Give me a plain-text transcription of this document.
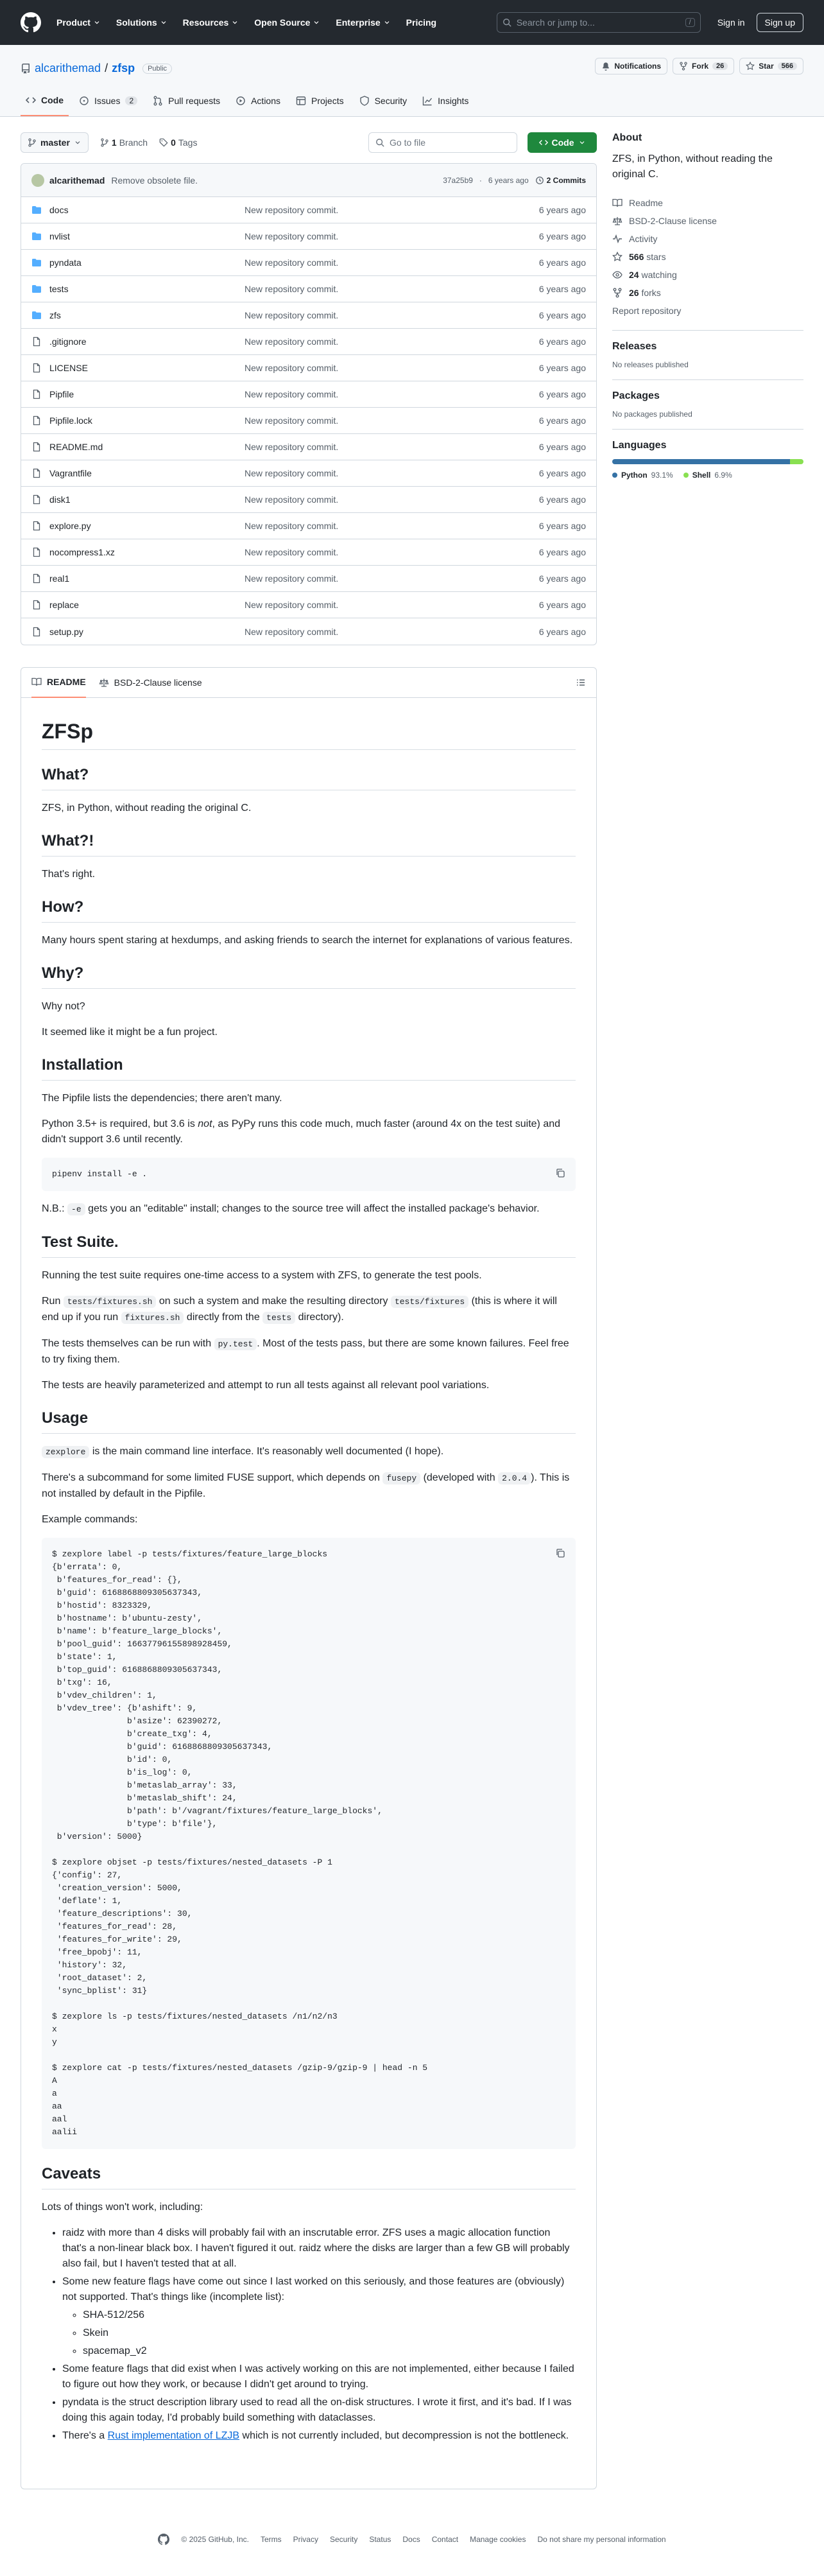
Product	Solutions	Resources	Open Source	Enterprise	Pricing	Search or jump to...	/	Sign in	Sign up
alcarithemad / zfsp	Public	Notifications	Fork	26	Star	566
Code	Issues	2	Pull requests	Actions	Projects	Security	Insights
master	1 Branch	0 Tags	Go to file	Code
alcarithemad Remove obsolete file.	37a25b9 · 6 years ago 2 Commits
docs	New repository commit.	6 years ago
nvlist	New repository commit.	6 years ago
pyndata	New repository commit.	6 years ago
tests	New repository commit.	6 years ago
zfs	New repository commit.	6 years ago
.gitignore	New repository commit.	6 years ago
LICENSE	New repository commit.	6 years ago
Pipfile	New repository commit.	6 years ago
Pipfile.lock	New repository commit.	6 years ago
README.md	New repository commit.	6 years ago
Vagrantfile	New repository commit.	6 years ago
disk1	New repository commit.	6 years ago
explore.py	New repository commit.	6 years ago
nocompress1.xz	New repository commit.	6 years ago
real1	New repository commit.	6 years ago
replace	New repository commit.	6 years ago
setup.py	New repository commit.	6 years ago
README	BSD-2-Clause license
ZFSp
What?

ZFS, in Python, without reading the original C.

What?!

That's right.

How?

Many hours spent staring at hexdumps, and asking friends to search the internet for explanations of various features.

Why?

Why not?

It seemed like it might be a fun project.

Installation

The Pipfile lists the dependencies; there aren't many.

Python 3.5+ is required, but 3.6 is not, as PyPy runs this code much, much faster (around 4x on the test suite) and didn't support 3.6 until recently.

pipenv install -e .

N.B.: -e gets you an "editable" install; changes to the source tree will affect the installed package's behavior.

Test Suite.

Running the test suite requires one-time access to a system with ZFS, to generate the test pools.

Run tests/fixtures.sh on such a system and make the resulting directory tests/fixtures (this is where it will end up if you run fixtures.sh directly from the tests directory).

The tests themselves can be run with py.test . Most of the tests pass, but there are some known failures. Feel free to try fixing them.

The tests are heavily parameterized and attempt to run all tests against all relevant pool variations.

Usage

zexplore is the main command line interface. It's reasonably well documented (I hope).

There's a subcommand for some limited FUSE support, which depends on fusepy (developed with 2.0.4 ). This is not installed by default in the Pipfile.

Example commands:

$ zexplore label -p tests/fixtures/feature_large_blocks
{b'errata': 0,
b'features_for_read': {},
b'guid': 6168868809305637343,
b'hostid': 8323329,
b'hostname': b'ubuntu-zesty',
b'name': b'feature_large_blocks',
b'pool_guid': 16637796155898928459,
b'state': 1,
b'top_guid': 6168868809305637343,
b'txg': 16,
b'vdev_children': 1,
b'vdev_tree': {b'ashift': 9,
b'asize': 62390272,
b'create_txg': 4,
b'guid': 6168868809305637343,
b'id': 0,
b'is_log': 0,
b'metaslab_array': 33,
b'metaslab_shift': 24,
b'path': b'/vagrant/fixtures/feature_large_blocks',
b'type': b'file'},
b'version': 5000}

$ zexplore objset -p tests/fixtures/nested_datasets -P 1
{'config': 27,
'creation_version': 5000,
'deflate': 1,
'feature_descriptions': 30,
'features_for_read': 28,
'features_for_write': 29,
'free_bpobj': 11,
'history': 32,
'root_dataset': 2,
'sync_bplist': 31}

$ zexplore ls -p tests/fixtures/nested_datasets /n1/n2/n3
x
y

$ zexplore cat -p tests/fixtures/nested_datasets /gzip-9/gzip-9 | head -n 5
A
a
aa
aal
aalii
Caveats

Lots of things won't work, including:

• raidz with more than 4 disks will probably fail with an inscrutable error. ZFS uses a magic allocation function that's a non-linear black box. I haven't figured it out. raidz where the disks are larger than a few GB will probably also fail, but I haven't tested that at all.
• Some new feature flags have come out since I last worked on this seriously, and those features are (obviously) not supported. That's things like (incomplete list):
◦ SHA-512/256
◦ Skein
◦ spacemap_v2
• Some feature flags that did exist when I was actively working on this are not implemented, either because I failed to figure out how they work, or because I didn't get around to trying.
• pyndata is the struct description library used to read all the on-disk structures. I wrote it first, and it's bad. If I was doing this again today, I'd probably build something with dataclasses.
• There's a Rust implementation of LZJB which is not currently included, but decompression is not the bottleneck.
About

ZFS, in Python, without reading the original C.

Readme
BSD-2-Clause license
Activity
566 stars
24 watching
26 forks
Report repository
Releases

No releases published

Packages

No packages published

Languages
Python 93.1%	Shell 6.9%
© 2025 GitHub, Inc. Terms Privacy Security Status Docs Contact Manage cookies Do not share my personal information
